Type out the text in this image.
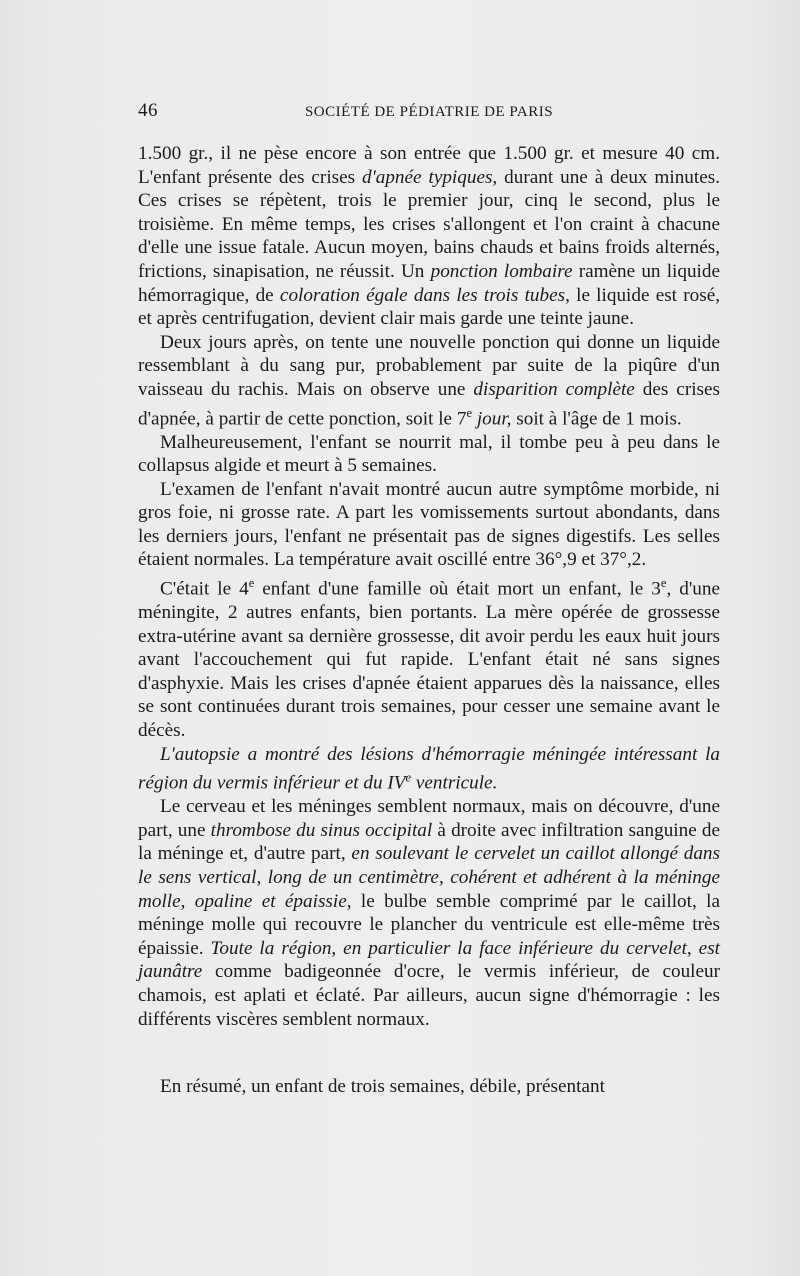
46	SOCIÉTÉ DE PÉDIATRIE DE PARIS

1.500 gr., il ne pèse encore à son entrée que 1.500 gr. et mesure 40 cm. L'enfant présente des crises d'apnée typiques, durant une à deux minutes. Ces crises se répètent, trois le premier jour, cinq le second, plus le troisième. En même temps, les crises s'allongent et l'on craint à chacune d'elle une issue fatale. Aucun moyen, bains chauds et bains froids alternés, frictions, sinapisation, ne réussit. Un ponction lombaire ramène un liquide hémorragique, de coloration égale dans les trois tubes, le liquide est rosé, et après centrifugation, devient clair mais garde une teinte jaune.

Deux jours après, on tente une nouvelle ponction qui donne un liquide ressemblant à du sang pur, probablement par suite de la piqûre d'un vaisseau du rachis. Mais on observe une disparition complète des crises d'apnée, à partir de cette ponction, soit le 7e jour, soit à l'âge de 1 mois.

Malheureusement, l'enfant se nourrit mal, il tombe peu à peu dans le collapsus algide et meurt à 5 semaines.

L'examen de l'enfant n'avait montré aucun autre symptôme morbide, ni gros foie, ni grosse rate. A part les vomissements surtout abondants, dans les derniers jours, l'enfant ne présentait pas de signes digestifs. Les selles étaient normales. La température avait oscillé entre 36°,9 et 37°,2.

C'était le 4e enfant d'une famille où était mort un enfant, le 3e, d'une méningite, 2 autres enfants, bien portants. La mère opérée de grossesse extra-utérine avant sa dernière grossesse, dit avoir perdu les eaux huit jours avant l'accouchement qui fut rapide. L'enfant était né sans signes d'asphyxie. Mais les crises d'apnée étaient apparues dès la naissance, elles se sont continuées durant trois semaines, pour cesser une semaine avant le décès.

L'autopsie a montré des lésions d'hémorragie méningée intéressant la région du vermis inférieur et du IVe ventricule.

Le cerveau et les méninges semblent normaux, mais on découvre, d'une part, une thrombose du sinus occipital à droite avec infiltration sanguine de la méninge et, d'autre part, en soulevant le cervelet un caillot allongé dans le sens vertical, long de un centimètre, cohérent et adhérent à la méninge molle, opaline et épaissie, le bulbe semble comprimé par le caillot, la méninge molle qui recouvre le plancher du ventricule est elle-même très épaissie. Toute la région, en particulier la face inférieure du cervelet, est jaunâtre comme badigeonnée d'ocre, le vermis inférieur, de couleur chamois, est aplati et éclaté. Par ailleurs, aucun signe d'hémorragie : les différents viscères semblent normaux.

En résumé, un enfant de trois semaines, débile, présentant
